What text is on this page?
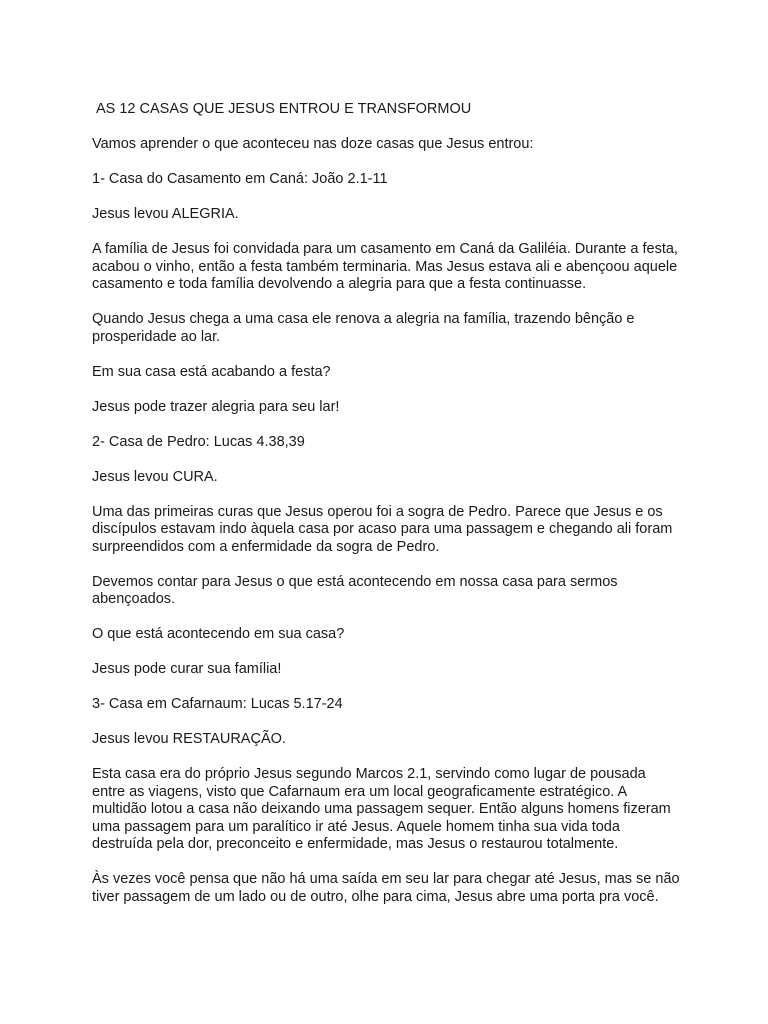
AS 12 CASAS QUE JESUS ENTROU E TRANSFORMOU

Vamos aprender o que aconteceu nas doze casas que Jesus entrou:

1- Casa do Casamento em Caná: João 2.1-11

Jesus levou ALEGRIA.

A família de Jesus foi convidada para um casamento em Caná da Galiléia. Durante a festa, acabou o vinho, então a festa também terminaria. Mas Jesus estava ali e abençoou aquele casamento e toda família devolvendo a alegria para que a festa continuasse.

Quando Jesus chega a uma casa ele renova a alegria na família, trazendo bênção e prosperidade ao lar.

Em sua casa está acabando a festa?

Jesus pode trazer alegria para seu lar!

2- Casa de Pedro: Lucas 4.38,39

Jesus levou CURA.

Uma das primeiras curas que Jesus operou foi a sogra de Pedro. Parece que Jesus e os discípulos estavam indo àquela casa por acaso para uma passagem e chegando ali foram surpreendidos com a enfermidade da sogra de Pedro.

Devemos contar para Jesus o que está acontecendo em nossa casa para sermos abençoados.

O que está acontecendo em sua casa?

Jesus pode curar sua família!

3- Casa em Cafarnaum: Lucas 5.17-24

Jesus levou RESTAURAÇÃO.

Esta casa era do próprio Jesus segundo Marcos 2.1, servindo como lugar de pousada entre as viagens, visto que Cafarnaum era um local geograficamente estratégico. A multidão lotou a casa não deixando uma passagem sequer. Então alguns homens fizeram uma passagem para um paralítico ir até Jesus. Aquele homem tinha sua vida toda destruída pela dor, preconceito e enfermidade, mas Jesus o restaurou totalmente.

Às vezes você pensa que não há uma saída em seu lar para chegar até Jesus, mas se não tiver passagem de um lado ou de outro, olhe para cima, Jesus abre uma porta pra você.
